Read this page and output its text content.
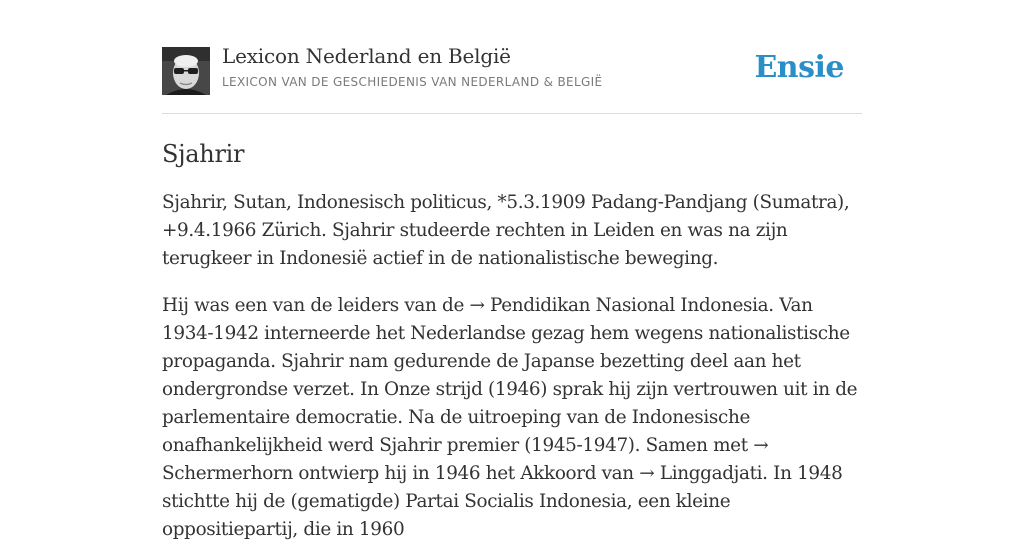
Lexicon Nederland en België
LEXICON VAN DE GESCHIEDENIS VAN NEDERLAND & BELGIË	Ensie
Sjahrir

Sjahrir, Sutan, Indonesisch politicus, *5.3.1909 Padang-Pandjang (Sumatra), +9.4.1966 Zürich. Sjahrir studeerde rechten in Leiden en was na zijn terugkeer in Indonesië actief in de nationalistische beweging.

Hij was een van de leiders van de → Pendidikan Nasional Indonesia. Van 1934-1942 interneerde het Nederlandse gezag hem wegens nationalistische propaganda. Sjahrir nam gedurende de Japanse bezetting deel aan het ondergrondse verzet. In Onze strijd (1946) sprak hij zijn vertrouwen uit in de parlementaire democratie. Na de uitroeping van de Indonesische onafhankelijkheid werd Sjahrir premier (1945-1947). Samen met → Schermerhorn ontwierp hij in 1946 het Akkoord van → Linggadjati. In 1948 stichtte hij de (gematigde) Partai Socialis Indonesia, een kleine oppositiepartij, die in 1960
